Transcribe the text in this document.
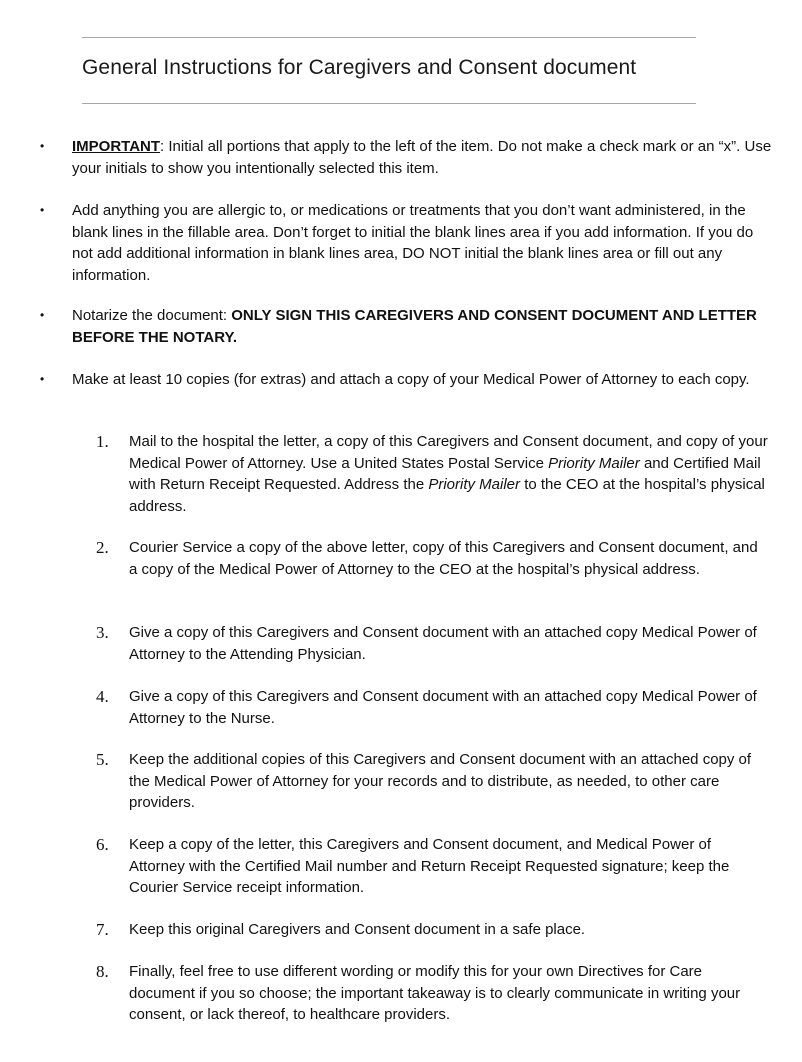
General Instructions for Caregivers and Consent document
•	IMPORTANT: Initial all portions that apply to the left of the item. Do not make a check mark or an “x”. Use your initials to show you intentionally selected this item.
•	Add anything you are allergic to, or medications or treatments that you don’t want administered, in the blank lines in the fillable area. Don’t forget to initial the blank lines area if you add information. If you do not add additional information in blank lines area, DO NOT initial the blank lines area or fill out any information.
•	Notarize the document: ONLY SIGN THIS CAREGIVERS AND CONSENT DOCUMENT AND LETTER BEFORE THE NOTARY.
•	Make at least 10 copies (for extras) and attach a copy of your Medical Power of Attorney to each copy.
1.	Mail to the hospital the letter, a copy of this Caregivers and Consent document, and copy of your Medical Power of Attorney. Use a United States Postal Service Priority Mailer and Certified Mail with Return Receipt Requested. Address the Priority Mailer to the CEO at the hospital’s physical address.
2.	Courier Service a copy of the above letter, copy of this Caregivers and Consent document, and a copy of the Medical Power of Attorney to the CEO at the hospital’s physical address.
3.	Give a copy of this Caregivers and Consent document with an attached copy Medical Power of Attorney to the Attending Physician.
4.	Give a copy of this Caregivers and Consent document with an attached copy Medical Power of Attorney to the Nurse.
5.	Keep the additional copies of this Caregivers and Consent document with an attached copy of the Medical Power of Attorney for your records and to distribute, as needed, to other care providers.
6.	Keep a copy of the letter, this Caregivers and Consent document, and Medical Power of Attorney with the Certified Mail number and Return Receipt Requested signature; keep the Courier Service receipt information.
7.	Keep this original Caregivers and Consent document in a safe place.
8.	Finally, feel free to use different wording or modify this for your own Directives for Care document if you so choose; the important takeaway is to clearly communicate in writing your consent, or lack thereof, to healthcare providers.
